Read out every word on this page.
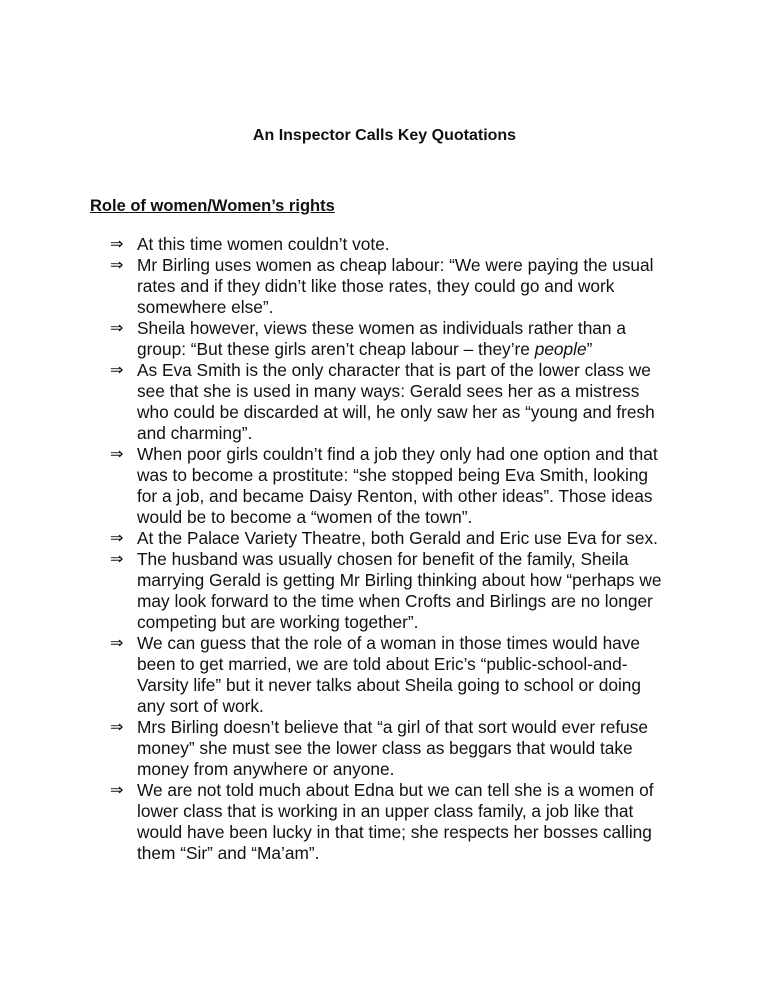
An Inspector Calls Key Quotations
Role of women/Women’s rights
⇒ At this time women couldn’t vote.
⇒ Mr Birling uses women as cheap labour: “We were paying the usual
rates and if they didn’t like those rates, they could go and work
somewhere else”.
⇒ Sheila however, views these women as individuals rather than a
group: “But these girls aren’t cheap labour – they’re people”
⇒ As Eva Smith is the only character that is part of the lower class we
see that she is used in many ways: Gerald sees her as a mistress
who could be discarded at will, he only saw her as “young and fresh
and charming”.
⇒ When poor girls couldn’t find a job they only had one option and that
was to become a prostitute: “she stopped being Eva Smith, looking
for a job, and became Daisy Renton, with other ideas”. Those ideas
would be to become a “women of the town”.
⇒ At the Palace Variety Theatre, both Gerald and Eric use Eva for sex.
⇒ The husband was usually chosen for benefit of the family, Sheila
marrying Gerald is getting Mr Birling thinking about how “perhaps we
may look forward to the time when Crofts and Birlings are no longer
competing but are working together”.
⇒ We can guess that the role of a woman in those times would have
been to get married, we are told about Eric’s “public-school-and-
Varsity life” but it never talks about Sheila going to school or doing
any sort of work.
⇒ Mrs Birling doesn’t believe that “a girl of that sort would ever refuse
money” she must see the lower class as beggars that would take
money from anywhere or anyone.
⇒ We are not told much about Edna but we can tell she is a women of
lower class that is working in an upper class family, a job like that
would have been lucky in that time; she respects her bosses calling
them “Sir” and “Ma’am”.
